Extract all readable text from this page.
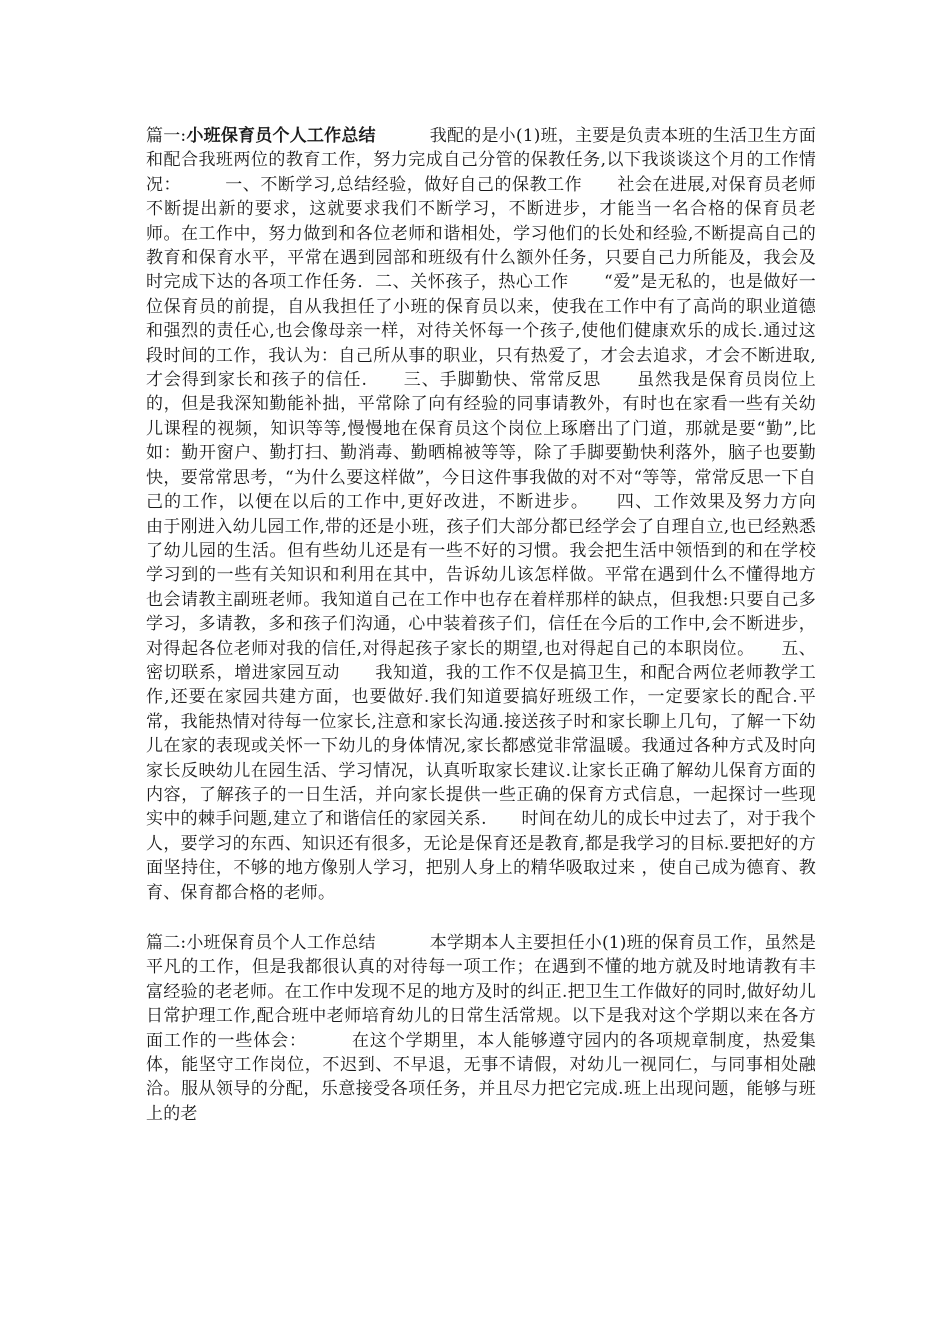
篇一:小班保育员个人工作总结	我配的是小(1)班，主要是负责本班的生活卫生方面和配合我班两位的教育工作，努力完成自己分管的保教任务,以下我谈谈这个月的工作情况：　　　一、不断学习,总结经验，做好自己的保教工作　　社会在进展,对保育员老师不断提出新的要求，这就要求我们不断学习，不断进步，才能当一名合格的保育员老师。在工作中，努力做到和各位老师和谐相处，学习他们的长处和经验,不断提高自己的教育和保育水平，平常在遇到园部和班级有什么额外任务，只要自己力所能及，我会及时完成下达的各项工作任务．二、关怀孩子，热心工作　　“爱”是无私的，也是做好一位保育员的前提，自从我担任了小班的保育员以来，使我在工作中有了高尚的职业道德和强烈的责任心,也会像母亲一样，对待关怀每一个孩子,使他们健康欢乐的成长.通过这段时间的工作，我认为：自己所从事的职业，只有热爱了，才会去追求，才会不断进取,才会得到家长和孩子的信任.　　三、手脚勤快、常常反思　　虽然我是保育员岗位上的，但是我深知勤能补拙，平常除了向有经验的同事请教外，有时也在家看一些有关幼儿课程的视频，知识等等,慢慢地在保育员这个岗位上琢磨出了门道，那就是要“勤”,比如：勤开窗户、勤打扫、勤消毒、勤晒棉被等等，除了手脚要勤快利落外，脑子也要勤快，要常常思考，“为什么要这样做”，今日这件事我做的对不对“等等，常常反思一下自己的工作，以便在以后的工作中,更好改进，不断进步。　　四、工作效果及努力方向　　由于刚进入幼儿园工作,带的还是小班，孩子们大部分都已经学会了自理自立,也已经熟悉了幼儿园的生活。但有些幼儿还是有一些不好的习惯。我会把生活中领悟到的和在学校学习到的一些有关知识和利用在其中，告诉幼儿该怎样做。平常在遇到什么不懂得地方也会请教主副班老师。我知道自己在工作中也存在着样那样的缺点，但我想:只要自己多学习，多请教，多和孩子们沟通，心中装着孩子们，信任在今后的工作中,会不断进步，对得起各位老师对我的信任,对得起孩子家长的期望,也对得起自己的本职岗位。　　五、密切联系，增进家园互动　　我知道，我的工作不仅是搞卫生，和配合两位老师教学工作,还要在家园共建方面，也要做好.我们知道要搞好班级工作，一定要家长的配合.平常，我能热情对待每一位家长,注意和家长沟通.接送孩子时和家长聊上几句，了解一下幼儿在家的表现或关怀一下幼儿的身体情况,家长都感觉非常温暖。我通过各种方式及时向家长反映幼儿在园生活、学习情况，认真听取家长建议.让家长正确了解幼儿保育方面的内容，了解孩子的一日生活，并向家长提供一些正确的保育方式信息，一起探讨一些现实中的棘手问题,建立了和谐信任的家园关系.　　时间在幼儿的成长中过去了，对于我个人，要学习的东西、知识还有很多，无论是保育还是教育,都是我学习的目标.要把好的方面坚持住，不够的地方像别人学习，把别人身上的精华吸取过来 ，使自己成为德育、教育、保育都合格的老师。

篇二:小班保育员个人工作总结	本学期本人主要担任小(1)班的保育员工作，虽然是平凡的工作，但是我都很认真的对待每一项工作；在遇到不懂的地方就及时地请教有丰富经验的老老师。在工作中发现不足的地方及时的纠正.把卫生工作做好的同时,做好幼儿日常护理工作,配合班中老师培育幼儿的日常生活常规。以下是我对这个学期以来在各方面工作的一些体会：　　　在这个学期里，本人能够遵守园内的各项规章制度，热爱集体，能坚守工作岗位，不迟到、不早退，无事不请假，对幼儿一视同仁，与同事相处融洽。服从领导的分配，乐意接受各项任务，并且尽力把它完成.班上出现问题，能够与班上的老
